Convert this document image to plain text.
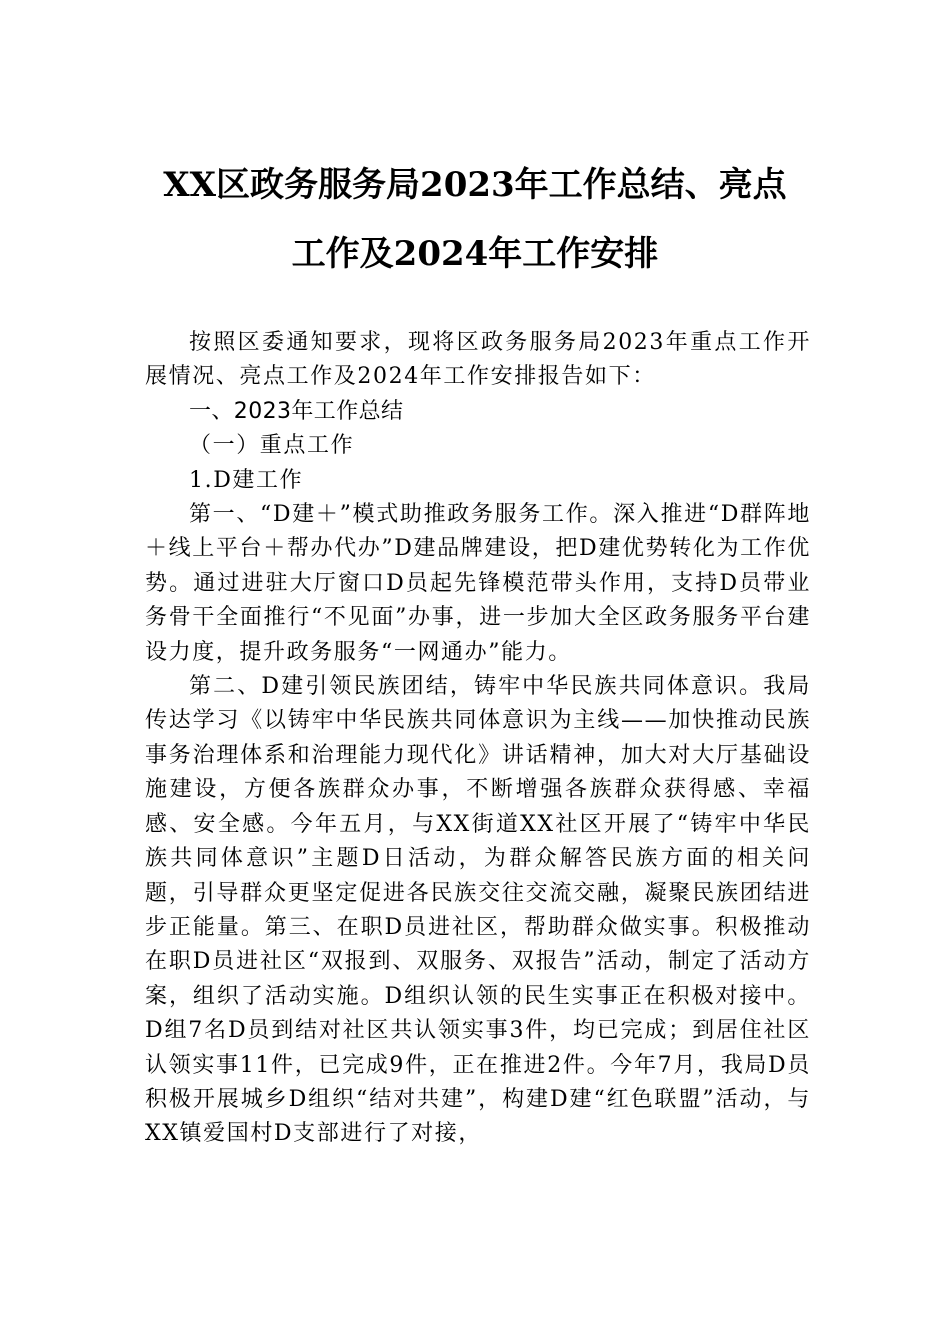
XX区政务服务局2023年工作总结、亮点
工作及2024年工作安排

按照区委通知要求，现将区政务服务局2023年重点工作开展情况、亮点工作及2024年工作安排报告如下：

一、2023年工作总结

（一）重点工作

1.D建工作

第一、“D建＋”模式助推政务服务工作。深入推进“D群阵地＋线上平台＋帮办代办”D建品牌建设，把D建优势转化为工作优势。通过进驻大厅窗口D员起先锋模范带头作用，支持D员带业务骨干全面推行“不见面”办事，进一步加大全区政务服务平台建设力度，提升政务服务“一网通办”能力。

第二、D建引领民族团结，铸牢中华民族共同体意识。我局传达学习《以铸牢中华民族共同体意识为主线——加快推动民族事务治理体系和治理能力现代化》讲话精神，加大对大厅基础设施建设，方便各族群众办事，不断增强各族群众获得感、幸福感、安全感。今年五月，与XX街道XX社区开展了“铸牢中华民族共同体意识”主题D日活动，为群众解答民族方面的相关问题，引导群众更坚定促进各民族交往交流交融，凝聚民族团结进步正能量。第三、在职D员进社区，帮助群众做实事。积极推动在职D员进社区“双报到、双服务、双报告”活动，制定了活动方案，组织了活动实施。D组织认领的民生实事正在积极对接中。D组7名D员到结对社区共认领实事3件，均已完成；到居住社区认领实事11件，已完成9件，正在推进2件。今年7月，我局D员积极开展城乡D组织“结对共建”，构建D建“红色联盟”活动，与XX镇爱国村D支部进行了对接，
